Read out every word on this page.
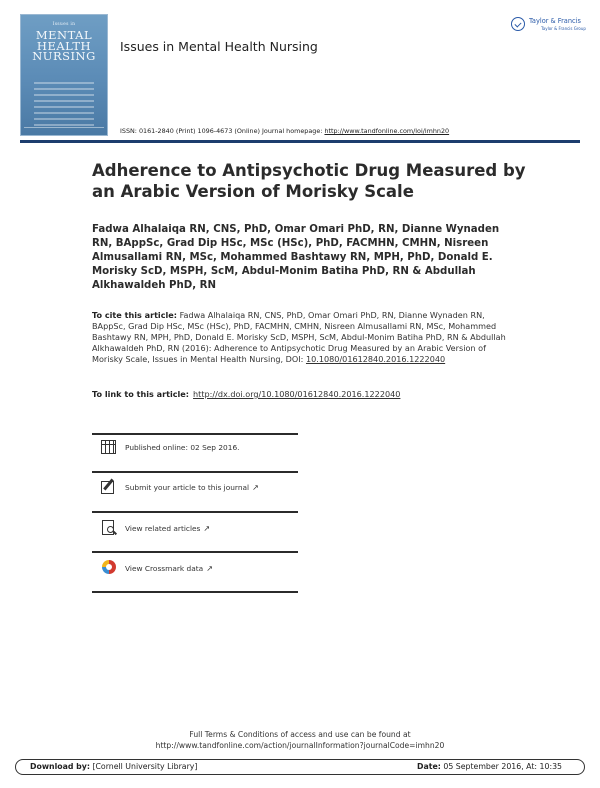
Issues in
MENTAL
HEALTH
NURSING
Issues in Mental Health Nursing
ISSN: 0161-2840 (Print) 1096-4673 (Online) Journal homepage: http://www.tandfonline.com/loi/imhn20
Taylor & Francis
Taylor & Francis Group
Adherence to Antipsychotic Drug Measured by an Arabic Version of Morisky Scale
Fadwa Alhalaiqa RN, CNS, PhD, Omar Omari PhD, RN, Dianne Wynaden RN, BAppSc, Grad Dip HSc, MSc (HSc), PhD, FACMHN, CMHN, Nisreen Almusallami RN, MSc, Mohammed Bashtawy RN, MPH, PhD, Donald E. Morisky ScD, MSPH, ScM, Abdul-Monim Batiha PhD, RN & Abdullah Alkhawaldeh PhD, RN
To cite this article: Fadwa Alhalaiqa RN, CNS, PhD, Omar Omari PhD, RN, Dianne Wynaden RN, BAppSc, Grad Dip HSc, MSc (HSc), PhD, FACMHN, CMHN, Nisreen Almusallami RN, MSc, Mohammed Bashtawy RN, MPH, PhD, Donald E. Morisky ScD, MSPH, ScM, Abdul-Monim Batiha PhD, RN & Abdullah Alkhawaldeh PhD, RN (2016): Adherence to Antipsychotic Drug Measured by an Arabic Version of Morisky Scale, Issues in Mental Health Nursing, DOI: 10.1080/01612840.2016.1222040
To link to this article: http://dx.doi.org/10.1080/01612840.2016.1222040
Published online: 02 Sep 2016.
Submit your article to this journal ↗
View related articles ↗
View Crossmark data ↗
Full Terms & Conditions of access and use can be found at
http://www.tandfonline.com/action/journalInformation?journalCode=imhn20
Download by: [Cornell University Library]	Date: 05 September 2016, At: 10:35
